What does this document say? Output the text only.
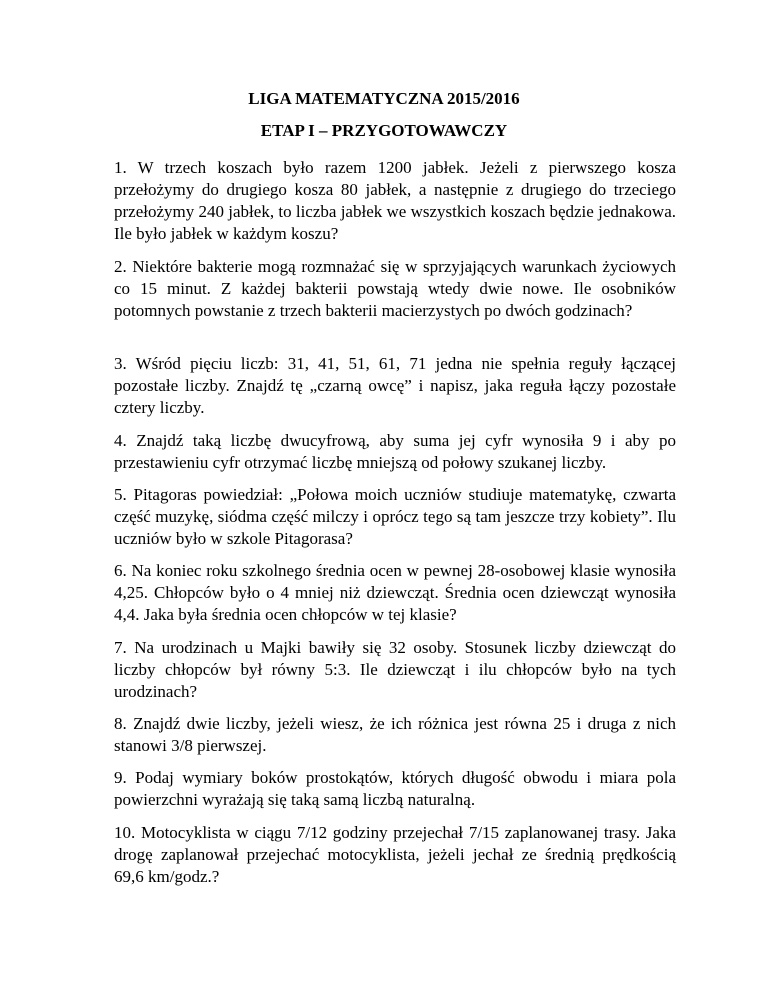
LIGA MATEMATYCZNA 2015/2016

ETAP I – PRZYGOTOWAWCZY

1. W trzech koszach było razem 1200 jabłek. Jeżeli z pierwszego kosza przełożymy do drugiego kosza 80 jabłek, a następnie z drugiego do trzeciego przełożymy 240 jabłek, to liczba jabłek we wszystkich koszach będzie jednakowa. Ile było jabłek w każdym koszu?

2. Niektóre bakterie mogą rozmnażać się w sprzyjających warunkach życiowych co 15 minut. Z każdej bakterii powstają wtedy dwie nowe. Ile osobników potomnych powstanie z trzech bakterii macierzystych po dwóch godzinach?

3. Wśród pięciu liczb: 31, 41, 51, 61, 71 jedna nie spełnia reguły łączącej pozostałe liczby. Znajdź tę „czarną owcę” i napisz, jaka reguła łączy pozostałe cztery liczby.

4. Znajdź taką liczbę dwucyfrową, aby suma jej cyfr wynosiła 9 i aby po przestawieniu cyfr otrzymać liczbę mniejszą od połowy szukanej liczby.

5. Pitagoras powiedział: „Połowa moich uczniów studiuje matematykę, czwarta część muzykę, siódma część milczy i oprócz tego są tam jeszcze trzy kobiety”. Ilu uczniów było w szkole Pitagorasa?

6. Na koniec roku szkolnego średnia ocen w pewnej 28-osobowej klasie wynosiła 4,25. Chłopców było o 4 mniej niż dziewcząt. Średnia ocen dziewcząt wynosiła 4,4. Jaka była średnia ocen chłopców w tej klasie?

7. Na urodzinach u Majki bawiły się 32 osoby. Stosunek liczby dziewcząt do liczby chłopców był równy 5:3. Ile dziewcząt i ilu chłopców było na tych urodzinach?

8. Znajdź dwie liczby, jeżeli wiesz, że ich różnica jest równa 25 i druga z nich stanowi 3/8 pierwszej.

9. Podaj wymiary boków prostokątów, których długość obwodu i miara pola powierzchni wyrażają się taką samą liczbą naturalną.

10. Motocyklista w ciągu 7/12 godziny przejechał 7/15 zaplanowanej trasy. Jaka drogę zaplanował przejechać motocyklista, jeżeli jechał ze średnią prędkością 69,6 km/godz.?
